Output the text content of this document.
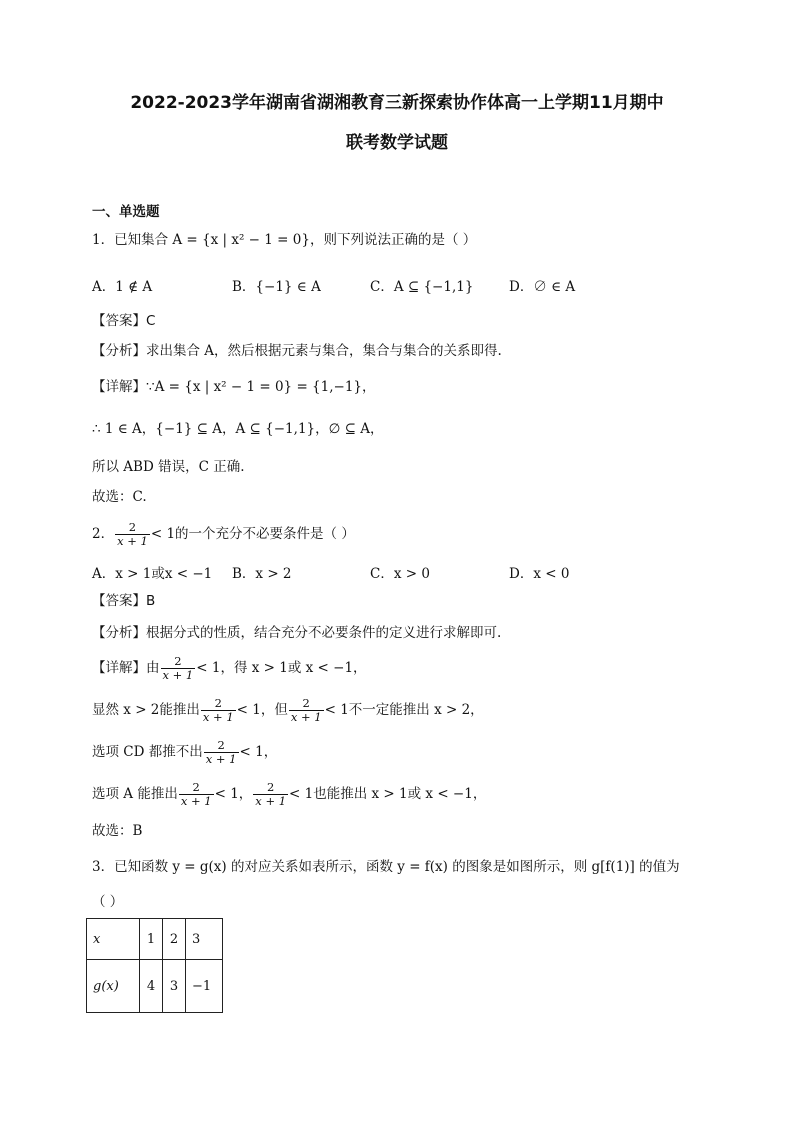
2022-2023学年湖南省湖湘教育三新探索协作体高一上学期11月期中
联考数学试题
一、单选题
1．已知集合 A = {x | x² − 1 = 0}，则下列说法正确的是（ ）
A．1 ∉ A	B．{−1} ∈ A	C．A ⊆ {−1,1}	D．∅ ∈ A
【答案】C
【分析】求出集合 A，然后根据元素与集合，集合与集合的关系即得.
【详解】∵A = {x | x² − 1 = 0} = {1,−1}，
∴ 1 ∈ A，{−1} ⊆ A，A ⊆ {−1,1}，∅ ⊆ A，
所以 ABD 错误，C 正确.
故选：C.
2． $\frac{2}{x + 1} < 1$的一个充分不必要条件是（ ）
A．x > 1或x < −1 B．x > 2	C．x > 0	D．x < 0
【答案】B
【分析】根据分式的性质，结合充分不必要条件的定义进行求解即可.
【详解】由 $\frac{2}{x + 1} < 1$，得 x > 1或 x < −1，
显然 x > 2能推出 $\frac{2}{x + 1} < 1$，但 $\frac{2}{x + 1} < 1$不一定能推出 x > 2，
选项 CD 都推不出 $\frac{2}{x + 1} < 1$，
选项 A 能推出 $\frac{2}{x + 1} < 1$， $\frac{2}{x + 1} < 1$也能推出 x > 1或 x < −1，
故选：B
3．已知函数 y = g(x) 的对应关系如表所示，函数 y = f(x) 的图象是如图所示，则 g[f(1)] 的值为
（ ）
x	1	2	3
g(x)	4	3	−1
